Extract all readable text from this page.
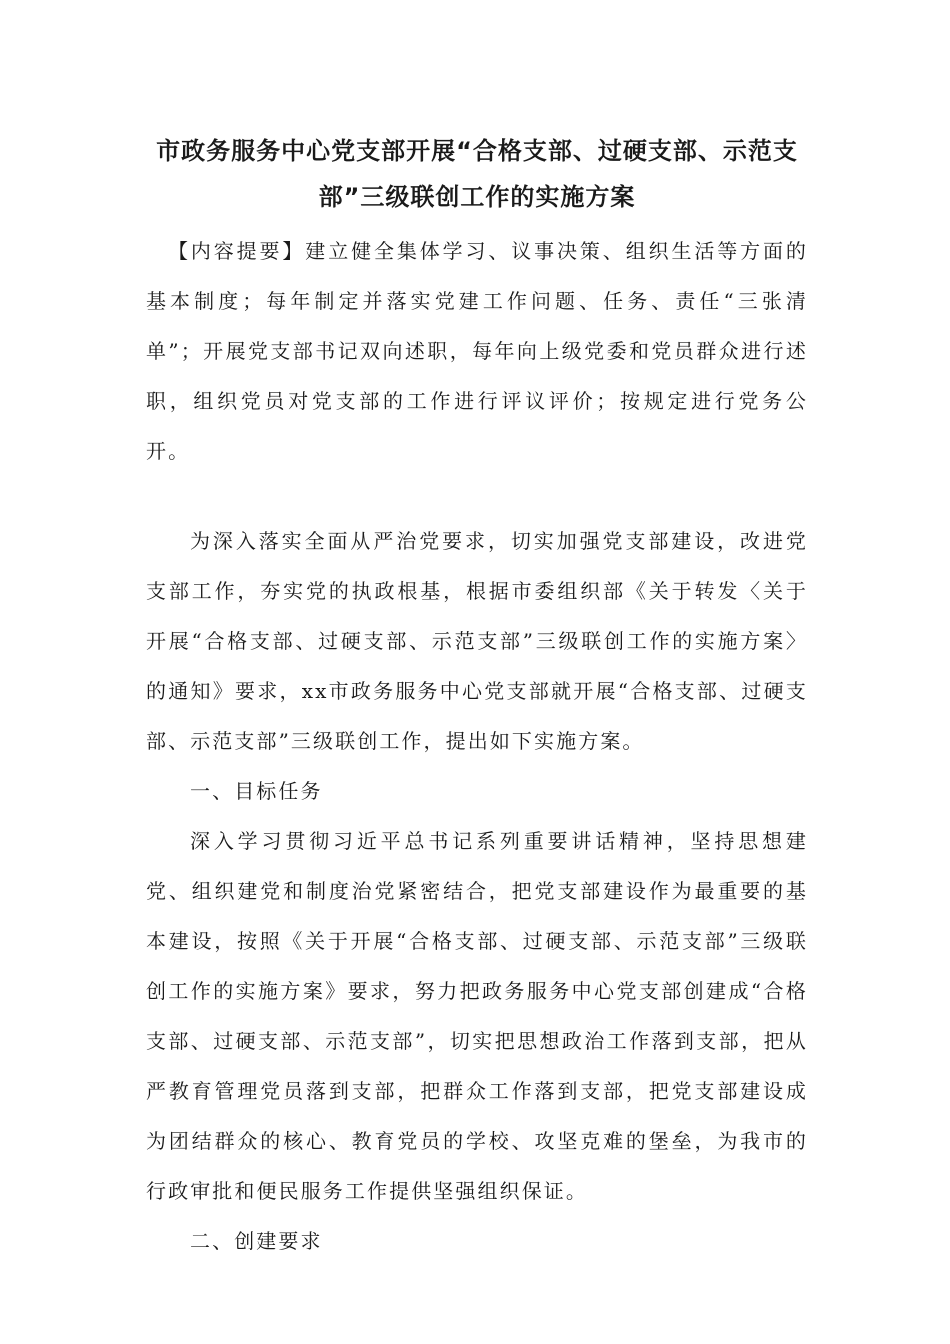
市政务服务中心党支部开展“合格支部、过硬支部、示范支部”三级联创工作的实施方案

【内容提要】建立健全集体学习、议事决策、组织生活等方面的基本制度；每年制定并落实党建工作问题、任务、责任“三张清单”；开展党支部书记双向述职，每年向上级党委和党员群众进行述职，组织党员对党支部的工作进行评议评价；按规定进行党务公开。

为深入落实全面从严治党要求，切实加强党支部建设，改进党支部工作，夯实党的执政根基，根据市委组织部《关于转发〈关于开展“合格支部、过硬支部、示范支部”三级联创工作的实施方案〉的通知》要求，xx市政务服务中心党支部就开展“合格支部、过硬支部、示范支部”三级联创工作，提出如下实施方案。

一、目标任务

深入学习贯彻习近平总书记系列重要讲话精神，坚持思想建党、组织建党和制度治党紧密结合，把党支部建设作为最重要的基本建设，按照《关于开展“合格支部、过硬支部、示范支部”三级联创工作的实施方案》要求，努力把政务服务中心党支部创建成“合格支部、过硬支部、示范支部”，切实把思想政治工作落到支部，把从严教育管理党员落到支部，把群众工作落到支部，把党支部建设成为团结群众的核心、教育党员的学校、攻坚克难的堡垒，为我市的行政审批和便民服务工作提供坚强组织保证。

二、创建要求
